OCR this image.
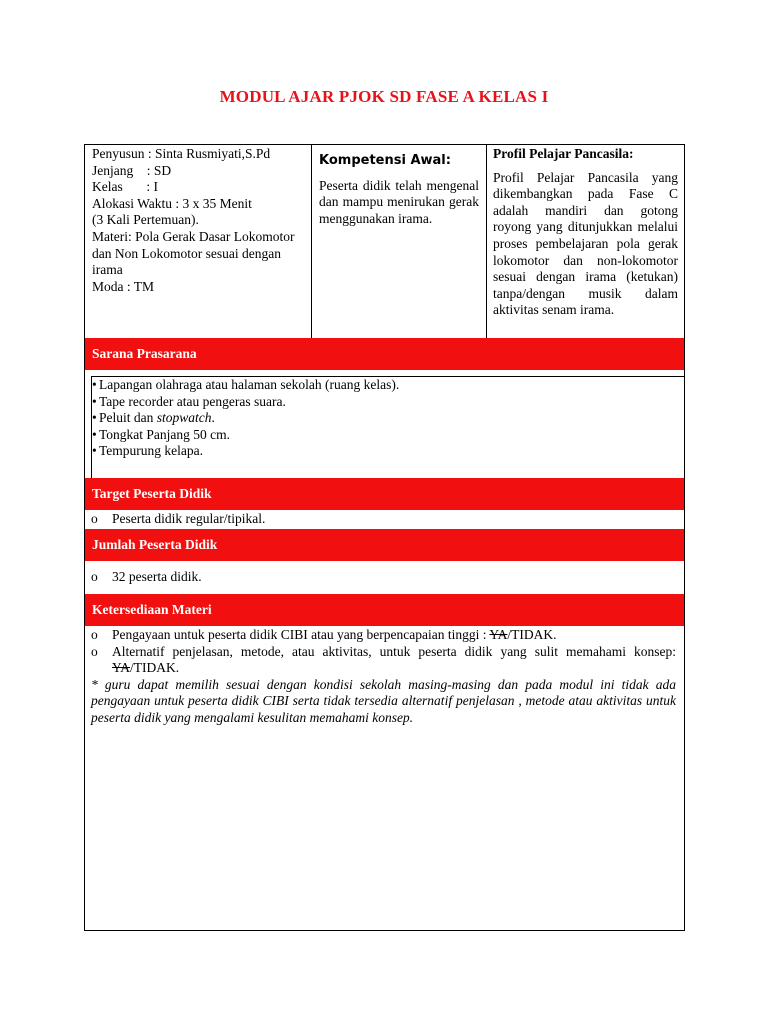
MODUL AJAR PJOK SD FASE A KELAS I
Penyusun : Sinta Rusmiyati,S.Pd
Jenjang    : SD
Kelas       : I
Alokasi Waktu : 3 x 35 Menit
(3 Kali Pertemuan).
Materi: Pola Gerak Dasar Lokomotor dan Non Lokomotor sesuai dengan irama
Moda : TM
Kompetensi Awal:
Peserta didik telah mengenal dan mampu menirukan gerak menggunakan irama.
Profil Pelajar Pancasila:
Profil Pelajar Pancasila yang dikembangkan pada Fase C adalah mandiri dan gotong royong yang ditunjukkan melalui proses pembelajaran pola gerak lokomotor dan non-lokomotor sesuai dengan irama (ketukan) tanpa/dengan musik dalam aktivitas senam irama.
Sarana Prasarana
• Lapangan olahraga atau halaman sekolah (ruang kelas).
• Tape recorder atau pengeras suara.
• Peluit dan stopwatch.
• Tongkat Panjang 50 cm.
• Tempurung kelapa.
Target Peserta Didik
o	Peserta didik regular/tipikal.
Jumlah Peserta Didik
o	32 peserta didik.
Ketersediaan Materi
o	Pengayaan untuk peserta didik CIBI atau yang berpencapaian tinggi : YA/TIDAK.
o	Alternatif penjelasan, metode, atau aktivitas, untuk peserta didik yang sulit memahami konsep: YA/TIDAK.
* guru dapat memilih sesuai dengan kondisi sekolah masing-masing dan pada modul ini tidak ada pengayaan untuk peserta didik CIBI serta tidak tersedia alternatif penjelasan , metode atau aktivitas untuk peserta didik yang mengalami kesulitan memahami konsep.
